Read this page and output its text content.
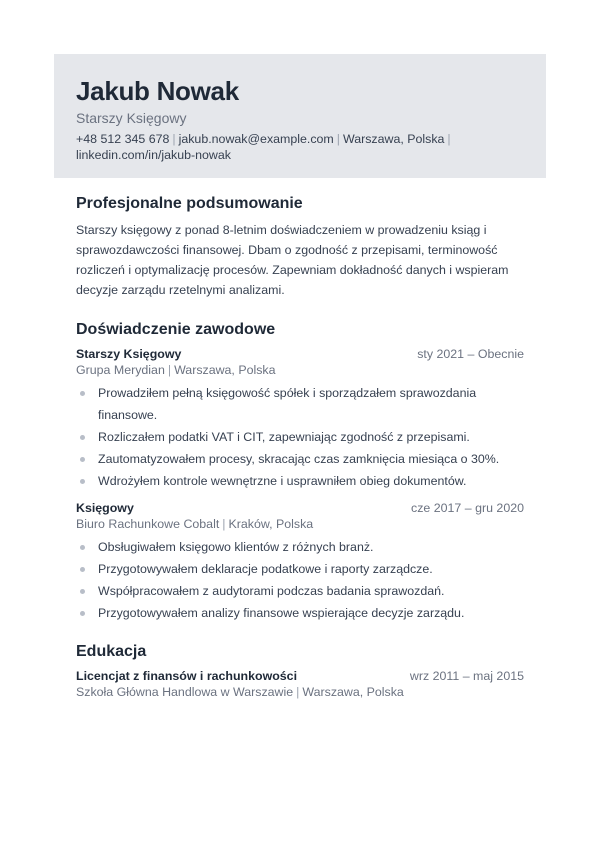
Jakub Nowak
Starszy Księgowy
+48 512 345 678 | jakub.nowak@example.com | Warszawa, Polska |
linkedin.com/in/jakub-nowak
Profesjonalne podsumowanie

Starszy księgowy z ponad 8-letnim doświadczeniem w prowadzeniu ksiąg i sprawozdawczości finansowej. Dbam o zgodność z przepisami, terminowość rozliczeń i optymalizację procesów. Zapewniam dokładność danych i wspieram decyzje zarządu rzetelnymi analizami.

Doświadczenie zawodowe
Starszy Księgowy	sty 2021 – Obecnie
Grupa Merydian | Warszawa, Polska
Prowadziłem pełną księgowość spółek i sporządzałem sprawozdania finansowe.
Rozliczałem podatki VAT i CIT, zapewniając zgodność z przepisami.
Zautomatyzowałem procesy, skracając czas zamknięcia miesiąca o 30%.
Wdrożyłem kontrole wewnętrzne i usprawniłem obieg dokumentów.
Księgowy	cze 2017 – gru 2020
Biuro Rachunkowe Cobalt | Kraków, Polska
Obsługiwałem księgowo klientów z różnych branż.
Przygotowywałem deklaracje podatkowe i raporty zarządcze.
Współpracowałem z audytorami podczas badania sprawozdań.
Przygotowywałem analizy finansowe wspierające decyzje zarządu.
Edukacja
Licencjat z finansów i rachunkowości	wrz 2011 – maj 2015
Szkoła Główna Handlowa w Warszawie | Warszawa, Polska
